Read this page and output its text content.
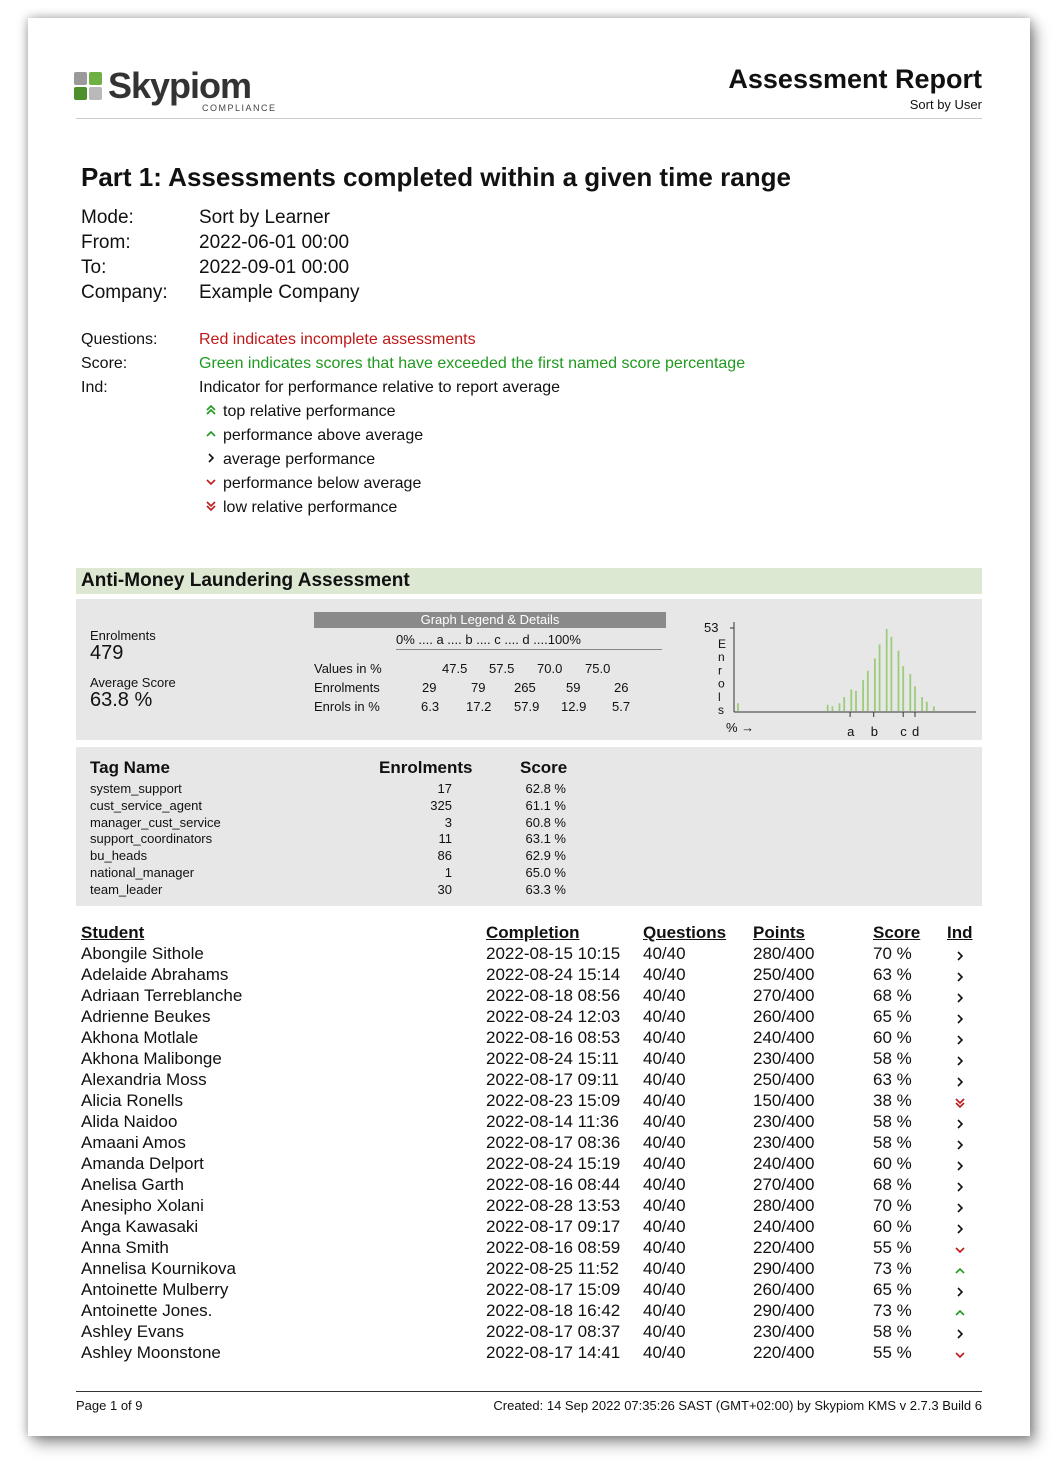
Skypiom
COMPLIANCE
Assessment Report
Sort by User
Part 1: Assessments completed within a given time range
Mode:	Sort by Learner
From:	2022-06-01 00:00
To:	2022-09-01 00:00
Company: Example Company
Questions:	Red indicates incomplete assessments
Score:	Green indicates scores that have exceeded the first named score percentage
Ind:	Indicator for performance relative to report average
top relative performance
performance above average
average performance
performance below average
low relative performance
Anti-Money Laundering Assessment
Enrolments
479
Average Score
63.8 %
Graph Legend & Details
0% .... a .... b .... c .... d ....100%
Values in %	47.5 57.5 70.0 75.0
Enrolments	29	79 265 59	26
Enrols in %	6.3 17.2 57.9 12.9 5.7
53
E
n
r
o
l
s
% →	a b c d
Tag Name	Enrolments	Score
system_support	17	62.8 %
cust_service_agent	325	61.1 %
manager_cust_service	3	60.8 %
support_coordinators	11	63.1 %
bu_heads	86	62.9 %
national_manager	1	65.0 %
team_leader	30	63.3 %
Student	Completion	Questions Points	Score Ind
Abongile Sithole	2022-08-15 10:15 40/40	280/400	70 %
Adelaide Abrahams	2022-08-24 15:14 40/40	250/400	63 %
Adriaan Terreblanche	2022-08-18 08:56 40/40	270/400	68 %
Adrienne Beukes	2022-08-24 12:03 40/40	260/400	65 %
Akhona Motlale	2022-08-16 08:53 40/40	240/400	60 %
Akhona Malibonge	2022-08-24 15:11 40/40	230/400	58 %
Alexandria Moss	2022-08-17 09:11 40/40	250/400	63 %
Alicia Ronells	2022-08-23 15:09 40/40	150/400	38 %
Alida Naidoo	2022-08-14 11:36 40/40	230/400	58 %
Amaani Amos	2022-08-17 08:36 40/40	230/400	58 %
Amanda Delport	2022-08-24 15:19 40/40	240/400	60 %
Anelisa Garth	2022-08-16 08:44 40/40	270/400	68 %
Anesipho Xolani	2022-08-28 13:53 40/40	280/400	70 %
Anga Kawasaki	2022-08-17 09:17 40/40	240/400	60 %
Anna Smith	2022-08-16 08:59 40/40	220/400	55 %
Annelisa Kournikova	2022-08-25 11:52 40/40	290/400	73 %
Antoinette Mulberry	2022-08-17 15:09 40/40	260/400	65 %
Antoinette Jones.	2022-08-18 16:42 40/40	290/400	73 %
Ashley Evans	2022-08-17 08:37 40/40	230/400	58 %
Ashley Moonstone	2022-08-17 14:41 40/40	220/400	55 %
Page 1 of 9	Created: 14 Sep 2022 07:35:26 SAST (GMT+02:00) by Skypiom KMS v 2.7.3 Build 6
